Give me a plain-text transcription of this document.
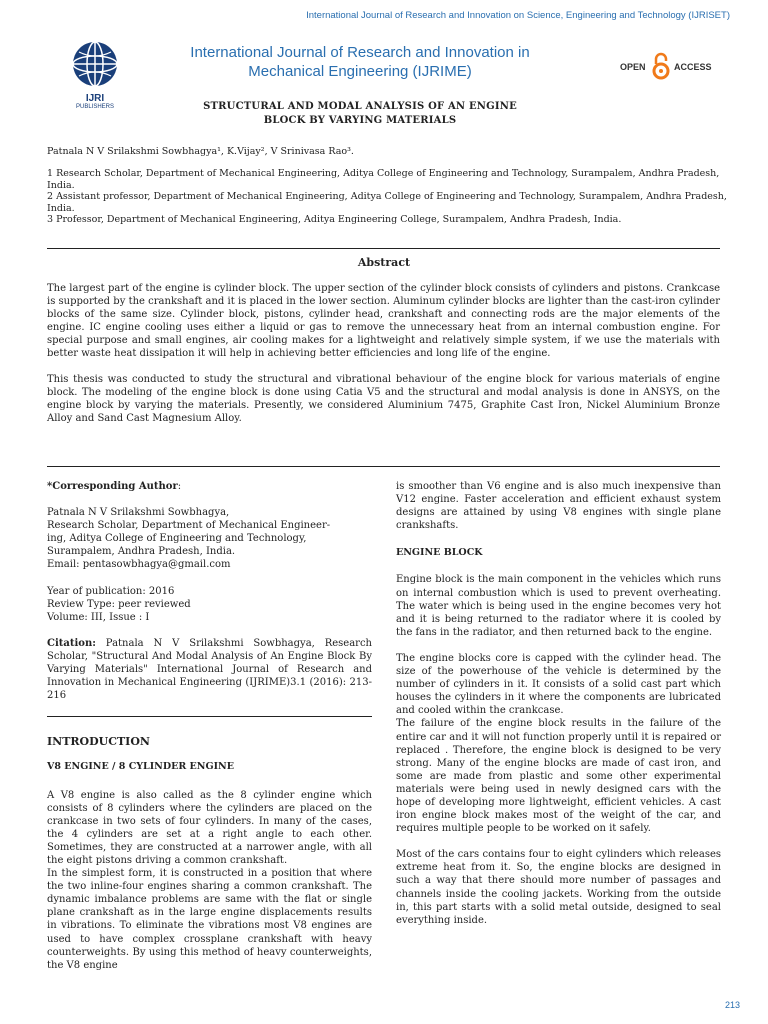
International Journal of Research and Innovation on Science, Engineering and Technology (IJRISET)
IJRI
PUBLISHERS
International Journal of Research and Innovation in
Mechanical Engineering (IJRIME)	OPEN	ACCESS
STRUCTURAL AND MODAL ANALYSIS OF AN ENGINE
BLOCK BY VARYING MATERIALS
Patnala N V Srilakshmi Sowbhagya¹, K.Vijay², V Srinivasa Rao³.
1 Research Scholar, Department of Mechanical Engineering, Aditya College of Engineering and Technology, Surampalem, Andhra Pradesh, India.
2 Assistant professor, Department of Mechanical Engineering, Aditya College of Engineering and Technology, Surampalem, Andhra Pradesh, India.
3 Professor, Department of Mechanical Engineering, Aditya Engineering College, Surampalem, Andhra Pradesh, India.
Abstract

The largest part of the engine is cylinder block. The upper section of the cylinder block consists of cylinders and pistons. Crankcase is supported by the crankshaft and it is placed in the lower section. Aluminum cylinder blocks are lighter than the cast-iron cylinder blocks of the same size. Cylinder block, pistons, cylinder head, crankshaft and connecting rods are the major elements of the engine. IC engine cooling uses either a liquid or gas to remove the unnecessary heat from an internal combustion engine. For special purpose and small engines, air cooling makes for a lightweight and relatively simple system, if we use the materials with better waste heat dissipation it will help in achieving better efficiencies and long life of the engine.

This thesis was conducted to study the structural and vibrational behaviour of the engine block for various materials of engine block. The modeling of the engine block is done using Catia V5 and the structural and modal analysis is done in ANSYS, on the engine block by varying the materials. Presently, we considered Aluminium 7475, Graphite Cast Iron, Nickel Aluminium Bronze Alloy and Sand Cast Magnesium Alloy.

*Corresponding Author:
Patnala N V Srilakshmi Sowbhagya,
Research Scholar, Department of Mechanical Engineer-
ing, Aditya College of Engineering and Technology,
Surampalem, Andhra Pradesh, India.
Email: pentasowbhagya@gmail.com
Year of publication: 2016
Review Type: peer reviewed
Volume: III, Issue : I

Citation: Patnala N V Srilakshmi Sowbhagya, Research Scholar, "Structural And Modal Analysis of An Engine Block By Varying Materials" International Journal of Research and Innovation in Mechanical Engineering (IJRIME)3.1 (2016): 213-216

INTRODUCTION
V8 ENGINE / 8 CYLINDER ENGINE

A V8 engine is also called as the 8 cylinder engine which consists of 8 cylinders where the cylinders are placed on the crankcase in two sets of four cylinders. In many of the cases, the 4 cylinders are set at a right angle to each other. Sometimes, they are constructed at a narrower angle, with all the eight pistons driving a common crankshaft.

In the simplest form, it is constructed in a position that where the two inline-four engines sharing a common crankshaft. The dynamic imbalance problems are same with the flat or single plane crankshaft as in the large engine displacements results in vibrations. To eliminate the vibrations most V8 engines are used to have complex crossplane crankshaft with heavy counterweights. By using this method of heavy counterweights, the V8 engine

is smoother than V6 engine and is also much inexpensive than V12 engine. Faster acceleration and efficient exhaust system designs are attained by using V8 engines with single plane crankshafts.

ENGINE BLOCK

Engine block is the main component in the vehicles which runs on internal combustion which is used to prevent overheating. The water which is being used in the engine becomes very hot and it is being returned to the radiator where it is cooled by the fans in the radiator, and then returned back to the engine.

The engine blocks core is capped with the cylinder head. The size of the powerhouse of the vehicle is determined by the number of cylinders in it. It consists of a solid cast part which houses the cylinders in it where the components are lubricated and cooled within the crankcase.

The failure of the engine block results in the failure of the entire car and it will not function properly until it is repaired or replaced . Therefore, the engine block is designed to be very strong. Many of the engine blocks are made of cast iron, and some are made from plastic and some other experimental materials were being used in newly designed cars with the hope of developing more lightweight, efficient vehicles. A cast iron engine block makes most of the weight of the car, and requires multiple people to be worked on it safely.

Most of the cars contains four to eight cylinders which releases extreme heat from it. So, the engine blocks are designed in such a way that there should more number of passages and channels inside the cooling jackets. Working from the outside in, this part starts with a solid metal outside, designed to seal everything inside.

213
